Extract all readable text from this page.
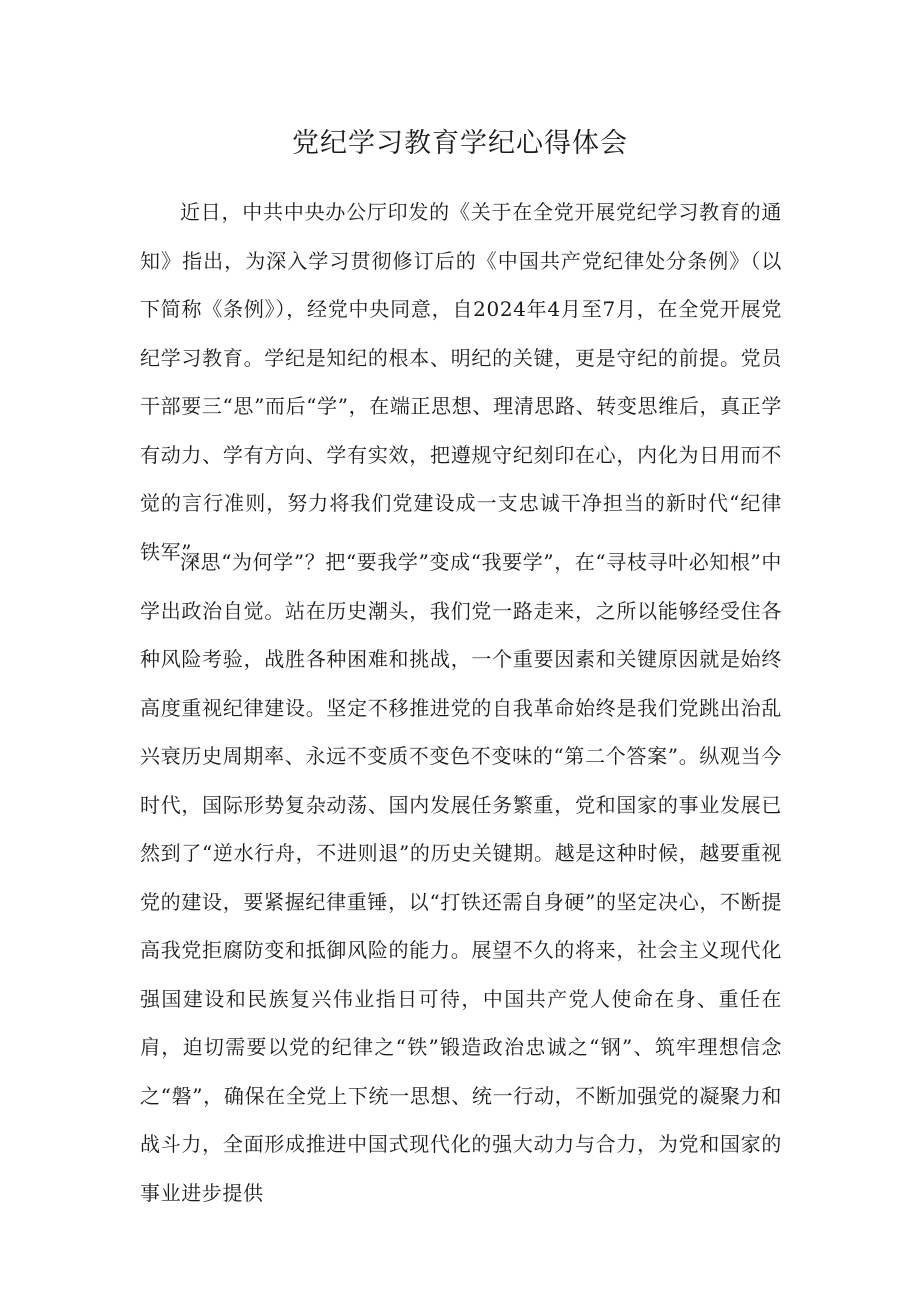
党纪学习教育学纪心得体会

近日，中共中央办公厅印发的《关于在全党开展党纪学习教育的通知》指出，为深入学习贯彻修订后的《中国共产党纪律处分条例》（以下简称《条例》），经党中央同意，自2024年4月至7月，在全党开展党纪学习教育。学纪是知纪的根本、明纪的关键，更是守纪的前提。党员干部要三“思”而后“学”，在端正思想、理清思路、转变思维后，真正学有动力、学有方向、学有实效，把遵规守纪刻印在心，内化为日用而不觉的言行准则，努力将我们党建设成一支忠诚干净担当的新时代“纪律铁军”。

深思“为何学”？把“要我学”变成“我要学”，在“寻枝寻叶必知根”中学出政治自觉。站在历史潮头，我们党一路走来，之所以能够经受住各种风险考验，战胜各种困难和挑战，一个重要因素和关键原因就是始终高度重视纪律建设。坚定不移推进党的自我革命始终是我们党跳出治乱兴衰历史周期率、永远不变质不变色不变味的“第二个答案”。纵观当今时代，国际形势复杂动荡、国内发展任务繁重，党和国家的事业发展已然到了“逆水行舟，不进则退”的历史关键期。越是这种时候，越要重视党的建设，要紧握纪律重锤，以“打铁还需自身硬”的坚定决心，不断提高我党拒腐防变和抵御风险的能力。展望不久的将来，社会主义现代化强国建设和民族复兴伟业指日可待，中国共产党人使命在身、重任在肩，迫切需要以党的纪律之“铁”锻造政治忠诚之“钢”、筑牢理想信念之“磐”，确保在全党上下统一思想、统一行动，不断加强党的凝聚力和战斗力，全面形成推进中国式现代化的强大动力与合力，为党和国家的事业进步提供
